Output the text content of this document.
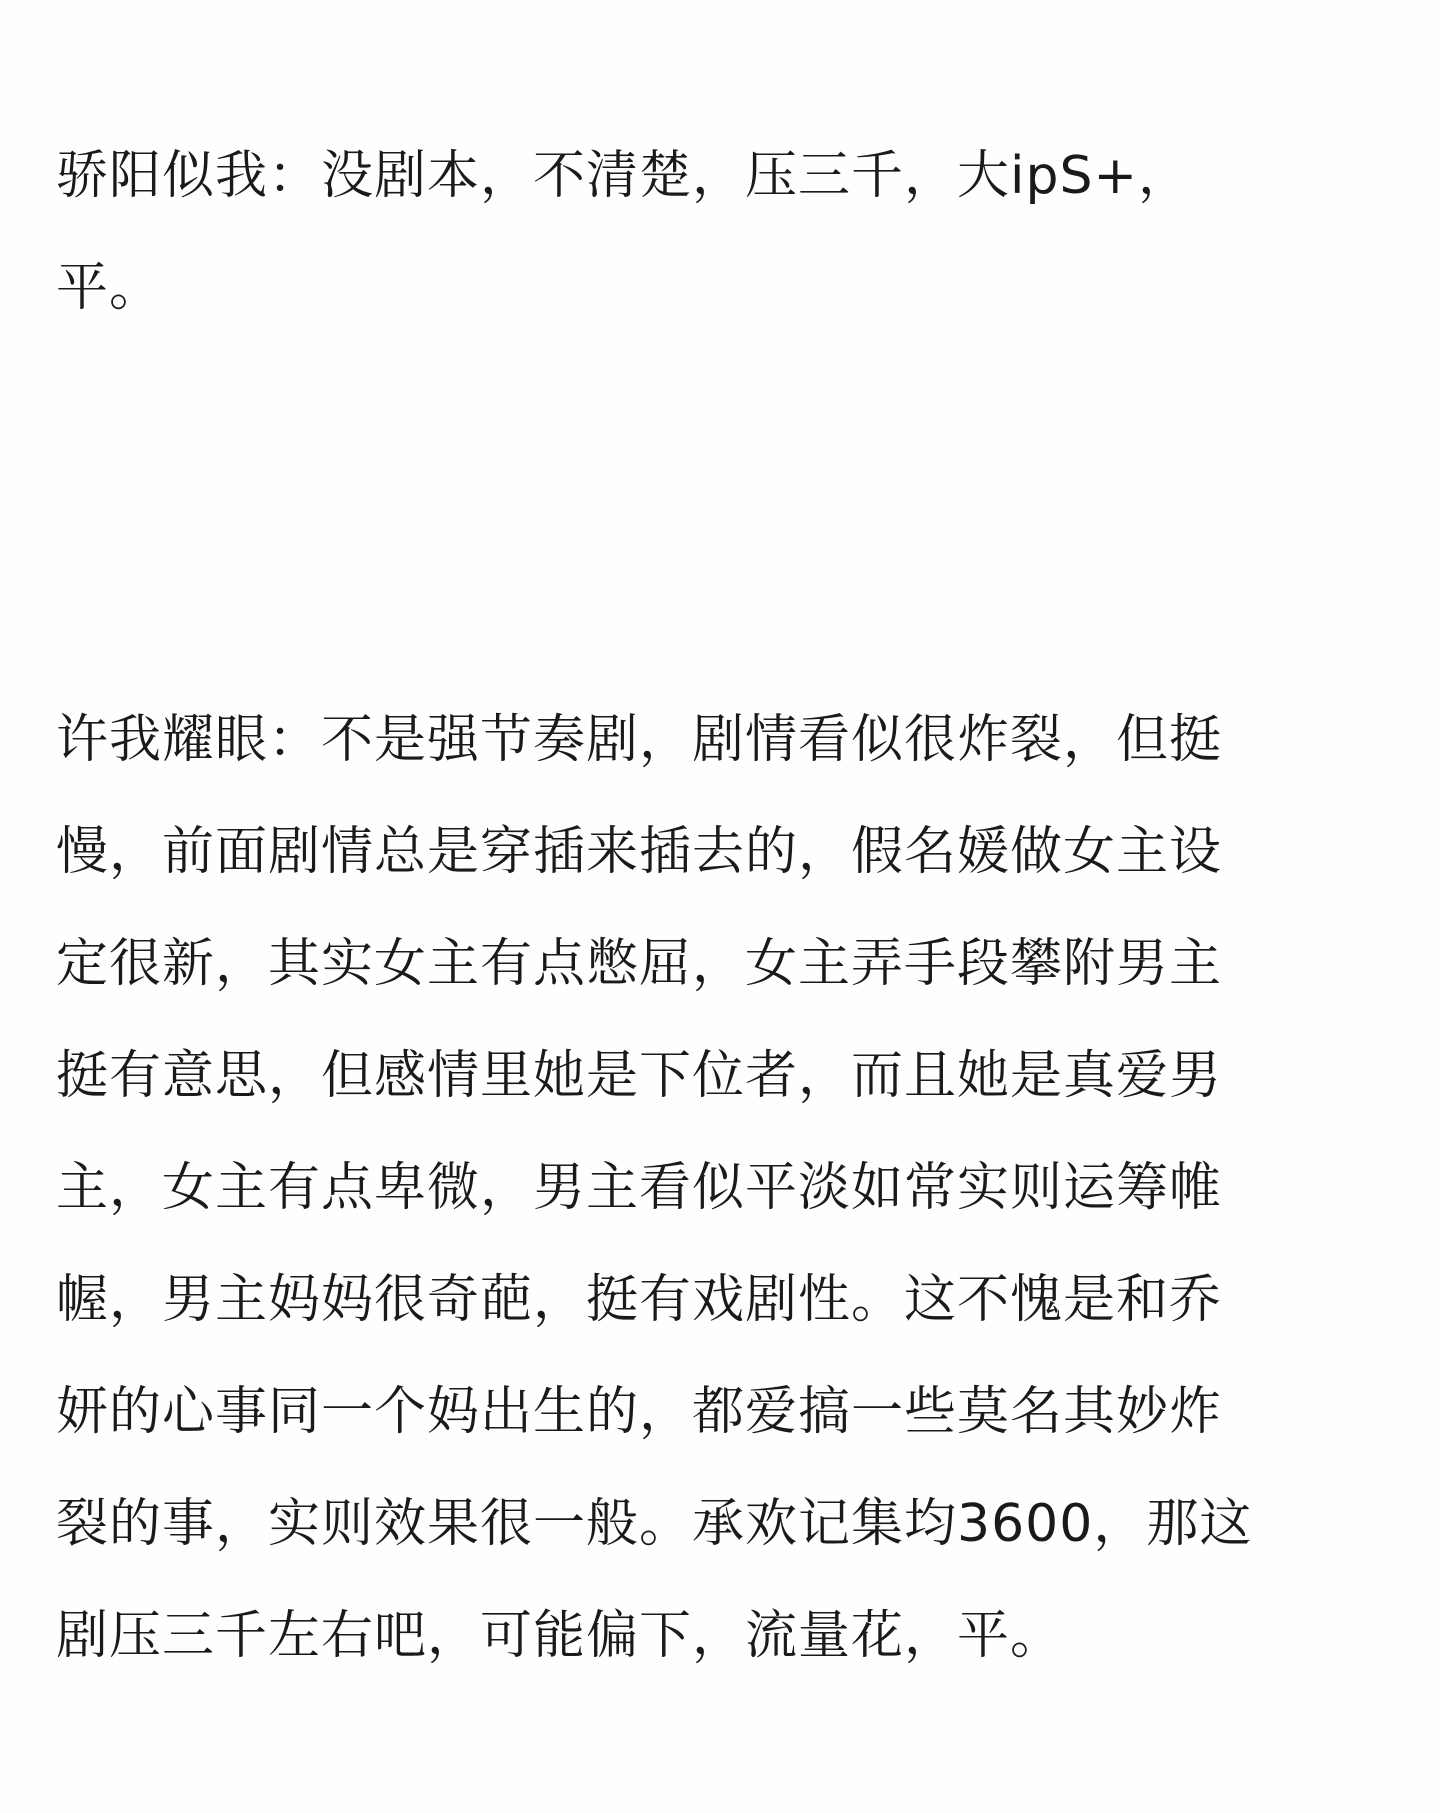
骄阳似我：没剧本，不清楚，压三千，大ipS+，
平。
许我耀眼：不是强节奏剧，剧情看似很炸裂，但挺
慢，前面剧情总是穿插来插去的，假名媛做女主设
定很新，其实女主有点憋屈，女主弄手段攀附男主
挺有意思，但感情里她是下位者，而且她是真爱男
主，女主有点卑微，男主看似平淡如常实则运筹帷
幄，男主妈妈很奇葩，挺有戏剧性。这不愧是和乔
妍的心事同一个妈出生的，都爱搞一些莫名其妙炸
裂的事，实则效果很一般。承欢记集均3600，那这
剧压三千左右吧，可能偏下，流量花，平。
